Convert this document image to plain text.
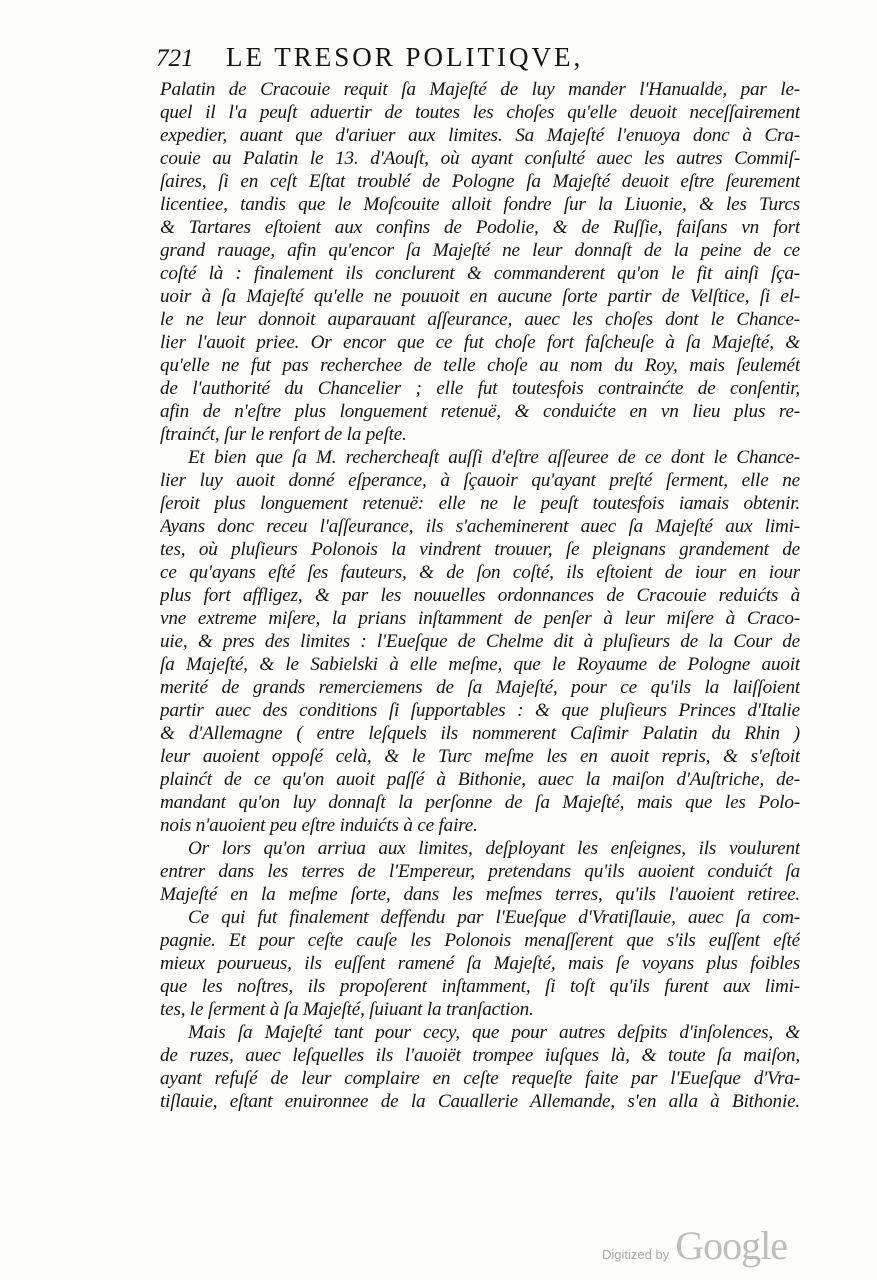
721	LE TRESOR POLITIQVE,
Palatin de Cracouie requit ſa Majeſté de luy mander l'Hanualde, par le-
quel il l'a peuſt aduertir de toutes les choſes qu'elle deuoit neceſſairement
expedier, auant que d'ariuer aux limites. Sa Majeſté l'enuoya donc à Cra-
couie au Palatin le 13. d'Aouſt, où ayant conſulté auec les autres Commiſ-
ſaires, ſi en ceſt Eſtat troublé de Pologne ſa Majeſté deuoit eſtre ſeurement
licentiee, tandis que le Moſcouite alloit fondre ſur la Liuonie, & les Turcs
& Tartares eſtoient aux confins de Podolie, & de Ruſſie, faiſans vn fort
grand rauage, afin qu'encor ſa Majeſté ne leur donnaſt de la peine de ce
coſté là : finalement ils conclurent & commanderent qu'on le fit ainſi ſça-
uoir à ſa Majeſté qu'elle ne pouuoit en aucune ſorte partir de Velſtice, ſi el-
le ne leur donnoit auparauant aſſeurance, auec les choſes dont le Chance-
lier l'auoit priee. Or encor que ce fut choſe fort faſcheuſe à ſa Majeſté, &
qu'elle ne fut pas recherchee de telle choſe au nom du Roy, mais ſeulemét
de l'authorité du Chancelier ; elle fut toutesfois contrainćte de conſentir,
afin de n'eſtre plus longuement retenuë, & conduićte en vn lieu plus re-
ſtrainćt, ſur le renfort de la peſte.
Et bien que ſa M. rechercheaſt auſſi d'eſtre aſſeuree de ce dont le Chance-
lier luy auoit donné eſperance, à ſçauoir qu'ayant preſté ſerment, elle ne
ſeroit plus longuement retenuë: elle ne le peuſt toutesfois iamais obtenir.
Ayans donc receu l'aſſeurance, ils s'acheminerent auec ſa Majeſté aux limi-
tes, où pluſieurs Polonois la vindrent trouuer, ſe pleignans grandement de
ce qu'ayans eſté ſes fauteurs, & de ſon coſté, ils eſtoient de iour en iour
plus fort affligez, & par les nouuelles ordonnances de Cracouie reduićts à
vne extreme miſere, la prians inſtamment de penſer à leur miſere à Craco-
uie, & pres des limites : l'Eueſque de Chelme dit à pluſieurs de la Cour de
ſa Majeſté, & le Sabielski à elle meſme, que le Royaume de Pologne auoit
merité de grands remerciemens de ſa Majeſté, pour ce qu'ils la laiſſoient
partir auec des conditions ſi ſupportables : & que pluſieurs Princes d'Italie
& d'Allemagne ( entre leſquels ils nommerent Caſimir Palatin du Rhin )
leur auoient oppoſé celà, & le Turc meſme les en auoit repris, & s'eſtoit
plainćt de ce qu'on auoit paſſé à Bithonie, auec la maiſon d'Auſtriche, de-
mandant qu'on luy donnaſt la perſonne de ſa Majeſté, mais que les Polo-
nois n'auoient peu eſtre induićts à ce faire.
Or lors qu'on arriua aux limites, deſployant les enſeignes, ils voulurent
entrer dans les terres de l'Empereur, pretendans qu'ils auoient conduićt ſa
Majeſté en la meſme ſorte, dans les meſmes terres, qu'ils l'auoient retiree.
Ce qui fut finalement deffendu par l'Eueſque d'Vratiſlauie, auec ſa com-
pagnie. Et pour ceſte cauſe les Polonois menaſſerent que s'ils euſſent eſté
mieux pourueus, ils euſſent ramené ſa Majeſté, mais ſe voyans plus foibles
que les noſtres, ils propoſerent inſtamment, ſi toſt qu'ils furent aux limi-
tes, le ſerment à ſa Majeſté, ſuiuant la tranſaction.
Mais ſa Majeſté tant pour cecy, que pour autres deſpits d'inſolences, &
de ruzes, auec leſquelles ils l'auoiët trompee iuſques là, & toute ſa maiſon,
ayant refuſé de leur complaire en ceſte requeſte faite par l'Eueſque d'Vra-
tiſlauie, eſtant enuironnee de la Cauallerie Allemande, s'en alla à Bithonie.
Digitized by Google
